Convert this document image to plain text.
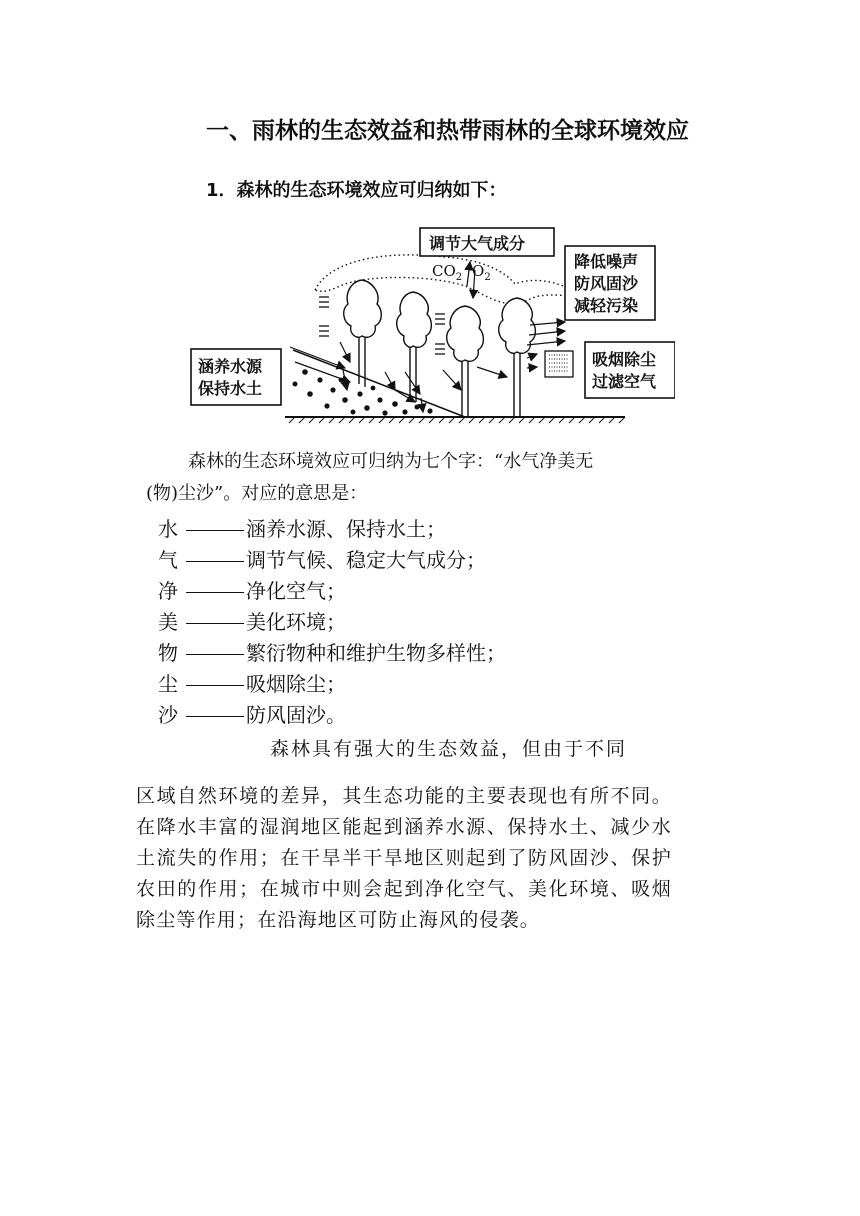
一、雨林的生态效益和热带雨林的全球环境效应
1．森林的生态环境效应可归纳如下：
$CO_2$ $O_2$
调节大气成分
降低噪声
防风固沙
减轻污染
涵养水源
保持水土
吸烟除尘
过滤空气

森林的生态环境效应可归纳为七个字：“水气净美无
(物)尘沙”。对应的意思是：

水	涵养水源、保持水土；
气	调节气候、稳定大气成分；
净	净化空气；
美	美化环境；
物	繁衍物种和维护生物多样性；
尘	吸烟除尘；
沙	防风固沙。

森林具有强大的生态效益，但由于不同
区域自然环境的差异，其生态功能的主要表现也有所不同。在降水丰富的湿润地区能起到涵养水源、保持水土、减少水土流失的作用；在干旱半干旱地区则起到了防风固沙、保护农田的作用；在城市中则会起到净化空气、美化环境、吸烟除尘等作用；在沿海地区可防止海风的侵袭。
